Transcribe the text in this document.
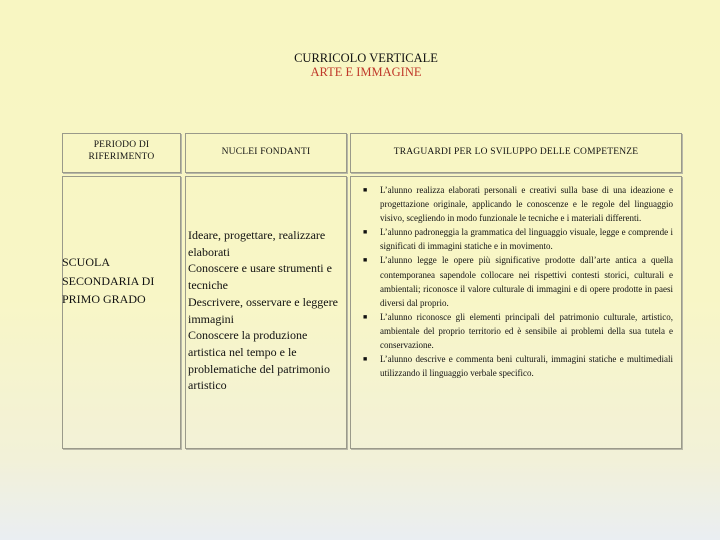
CURRICOLO VERTICALE
ARTE E IMMAGINE
PERIODO DI RIFERIMENTO	NUCLEI FONDANTI	TRAGUARDI PER LO SVILUPPO DELLE COMPETENZE
SCUOLA SECONDARIA DI PRIMO GRADO
Ideare, progettare, realizzare elaborati
Conoscere e usare strumenti e tecniche
Descrivere, osservare e leggere immagini
Conoscere la produzione artistica nel tempo e le problematiche del patrimonio artistico
■ L’alunno realizza elaborati personali e creativi sulla base di una ideazione e progettazione originale, applicando le conoscenze e le regole del linguaggio visivo, scegliendo in modo funzionale le tecniche e i materiali differenti.
■ L’alunno padroneggia la grammatica del linguaggio visuale, legge e comprende i significati di immagini statiche e in movimento.
■ L’alunno legge le opere più significative prodotte dall’arte antica a quella contemporanea sapendole collocare nei rispettivi contesti storici, culturali e ambientali; riconosce il valore culturale di immagini e di opere prodotte in paesi diversi dal proprio.
■ L’alunno riconosce gli elementi principali del patrimonio culturale, artistico, ambientale del proprio territorio ed è sensibile ai problemi della sua tutela e conservazione.
■ L’alunno descrive e commenta beni culturali, immagini statiche e multimediali utilizzando il linguaggio verbale specifico.
